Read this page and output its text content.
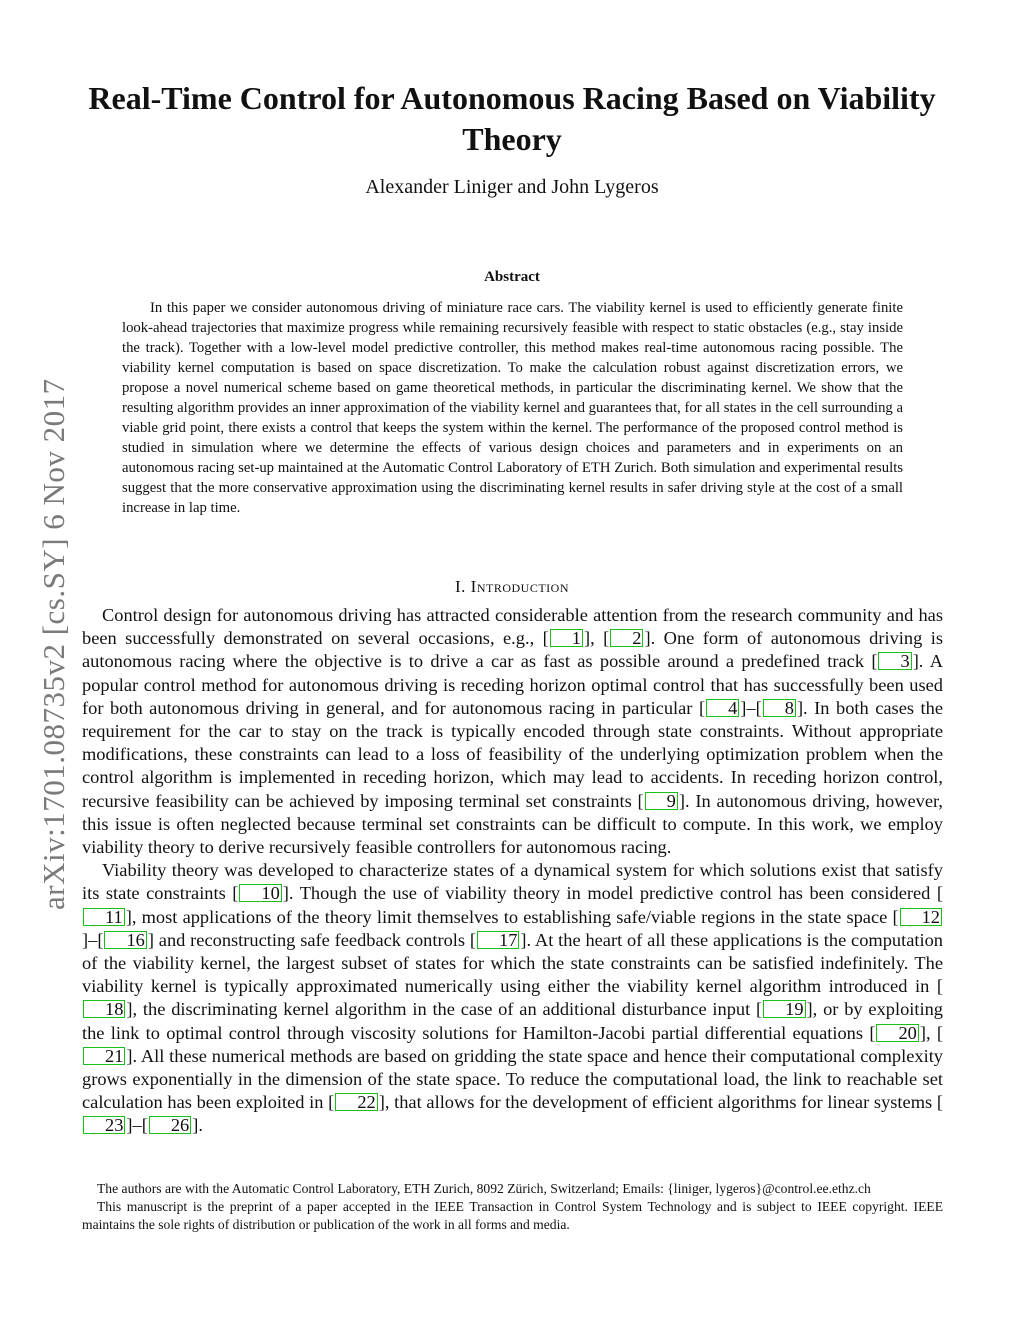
arXiv:1701.08735v2 [cs.SY] 6 Nov 2017
Real-Time Control for Autonomous Racing Based on Viability Theory
Alexander Liniger and John Lygeros
Abstract

In this paper we consider autonomous driving of miniature race cars. The viability kernel is used to efficiently generate finite look-ahead trajectories that maximize progress while remaining recursively feasible with respect to static obstacles (e.g., stay inside the track). Together with a low-level model predictive controller, this method makes real-time autonomous racing possible. The viability kernel computation is based on space discretization. To make the calculation robust against discretization errors, we propose a novel numerical scheme based on game theoretical methods, in particular the discriminating kernel. We show that the resulting algorithm provides an inner approximation of the viability kernel and guarantees that, for all states in the cell surrounding a viable grid point, there exists a control that keeps the system within the kernel. The performance of the proposed control method is studied in simulation where we determine the effects of various design choices and parameters and in experiments on an autonomous racing set-up maintained at the Automatic Control Laboratory of ETH Zurich. Both simulation and experimental results suggest that the more conservative approximation using the discriminating kernel results in safer driving style at the cost of a small increase in lap time.

I. Introduction

Control design for autonomous driving has attracted considerable attention from the research community and has been successfully demonstrated on several occasions, e.g., [ 1 ], [ 2 ]. One form of autonomous driving is autonomous racing where the objective is to drive a car as fast as possible around a predefined track [ 3 ]. A popular control method for autonomous driving is receding horizon optimal control that has successfully been used for both autonomous driving in general, and for autonomous racing in particular [ 4 ]–[ 8 ]. In both cases the requirement for the car to stay on the track is typically encoded through state constraints. Without appropriate modifications, these constraints can lead to a loss of feasibility of the underlying optimization problem when the control algorithm is implemented in receding horizon, which may lead to accidents. In receding horizon control, recursive feasibility can be achieved by imposing terminal set constraints [ 9 ]. In autonomous driving, however, this issue is often neglected because terminal set constraints can be difficult to compute. In this work, we employ viability theory to derive recursively feasible controllers for autonomous racing.

Viability theory was developed to characterize states of a dynamical system for which solutions exist that satisfy its state constraints [ 10 ]. Though the use of viability theory in model predictive control has been considered [11 ], most applications of the theory limit themselves to establishing safe/viable regions in the state space [ 12]–[ 16 ] and reconstructing safe feedback controls [ 17 ]. At the heart of all these applications is the computation of the viability kernel, the largest subset of states for which the state constraints can be satisfied indefinitely. The viability kernel is typically approximated numerically using either the viability kernel algorithm introduced in [18 ], the discriminating kernel algorithm in the case of an additional disturbance input [ 19 ], or by exploiting the link to optimal control through viscosity solutions for Hamilton-Jacobi partial differential equations [ 20 ], [21 ]. All these numerical methods are based on gridding the state space and hence their computational complexity grows exponentially in the dimension of the state space. To reduce the computational load, the link to reachable set calculation has been exploited in [ 22 ], that allows for the development of efficient algorithms for linear systems [23 ]–[ 26 ].

The authors are with the Automatic Control Laboratory, ETH Zurich, 8092 Zürich, Switzerland; Emails: {liniger, lygeros}@control.ee.ethz.ch

This manuscript is the preprint of a paper accepted in the IEEE Transaction in Control System Technology and is subject to IEEE copyright. IEEE maintains the sole rights of distribution or publication of the work in all forms and media.
